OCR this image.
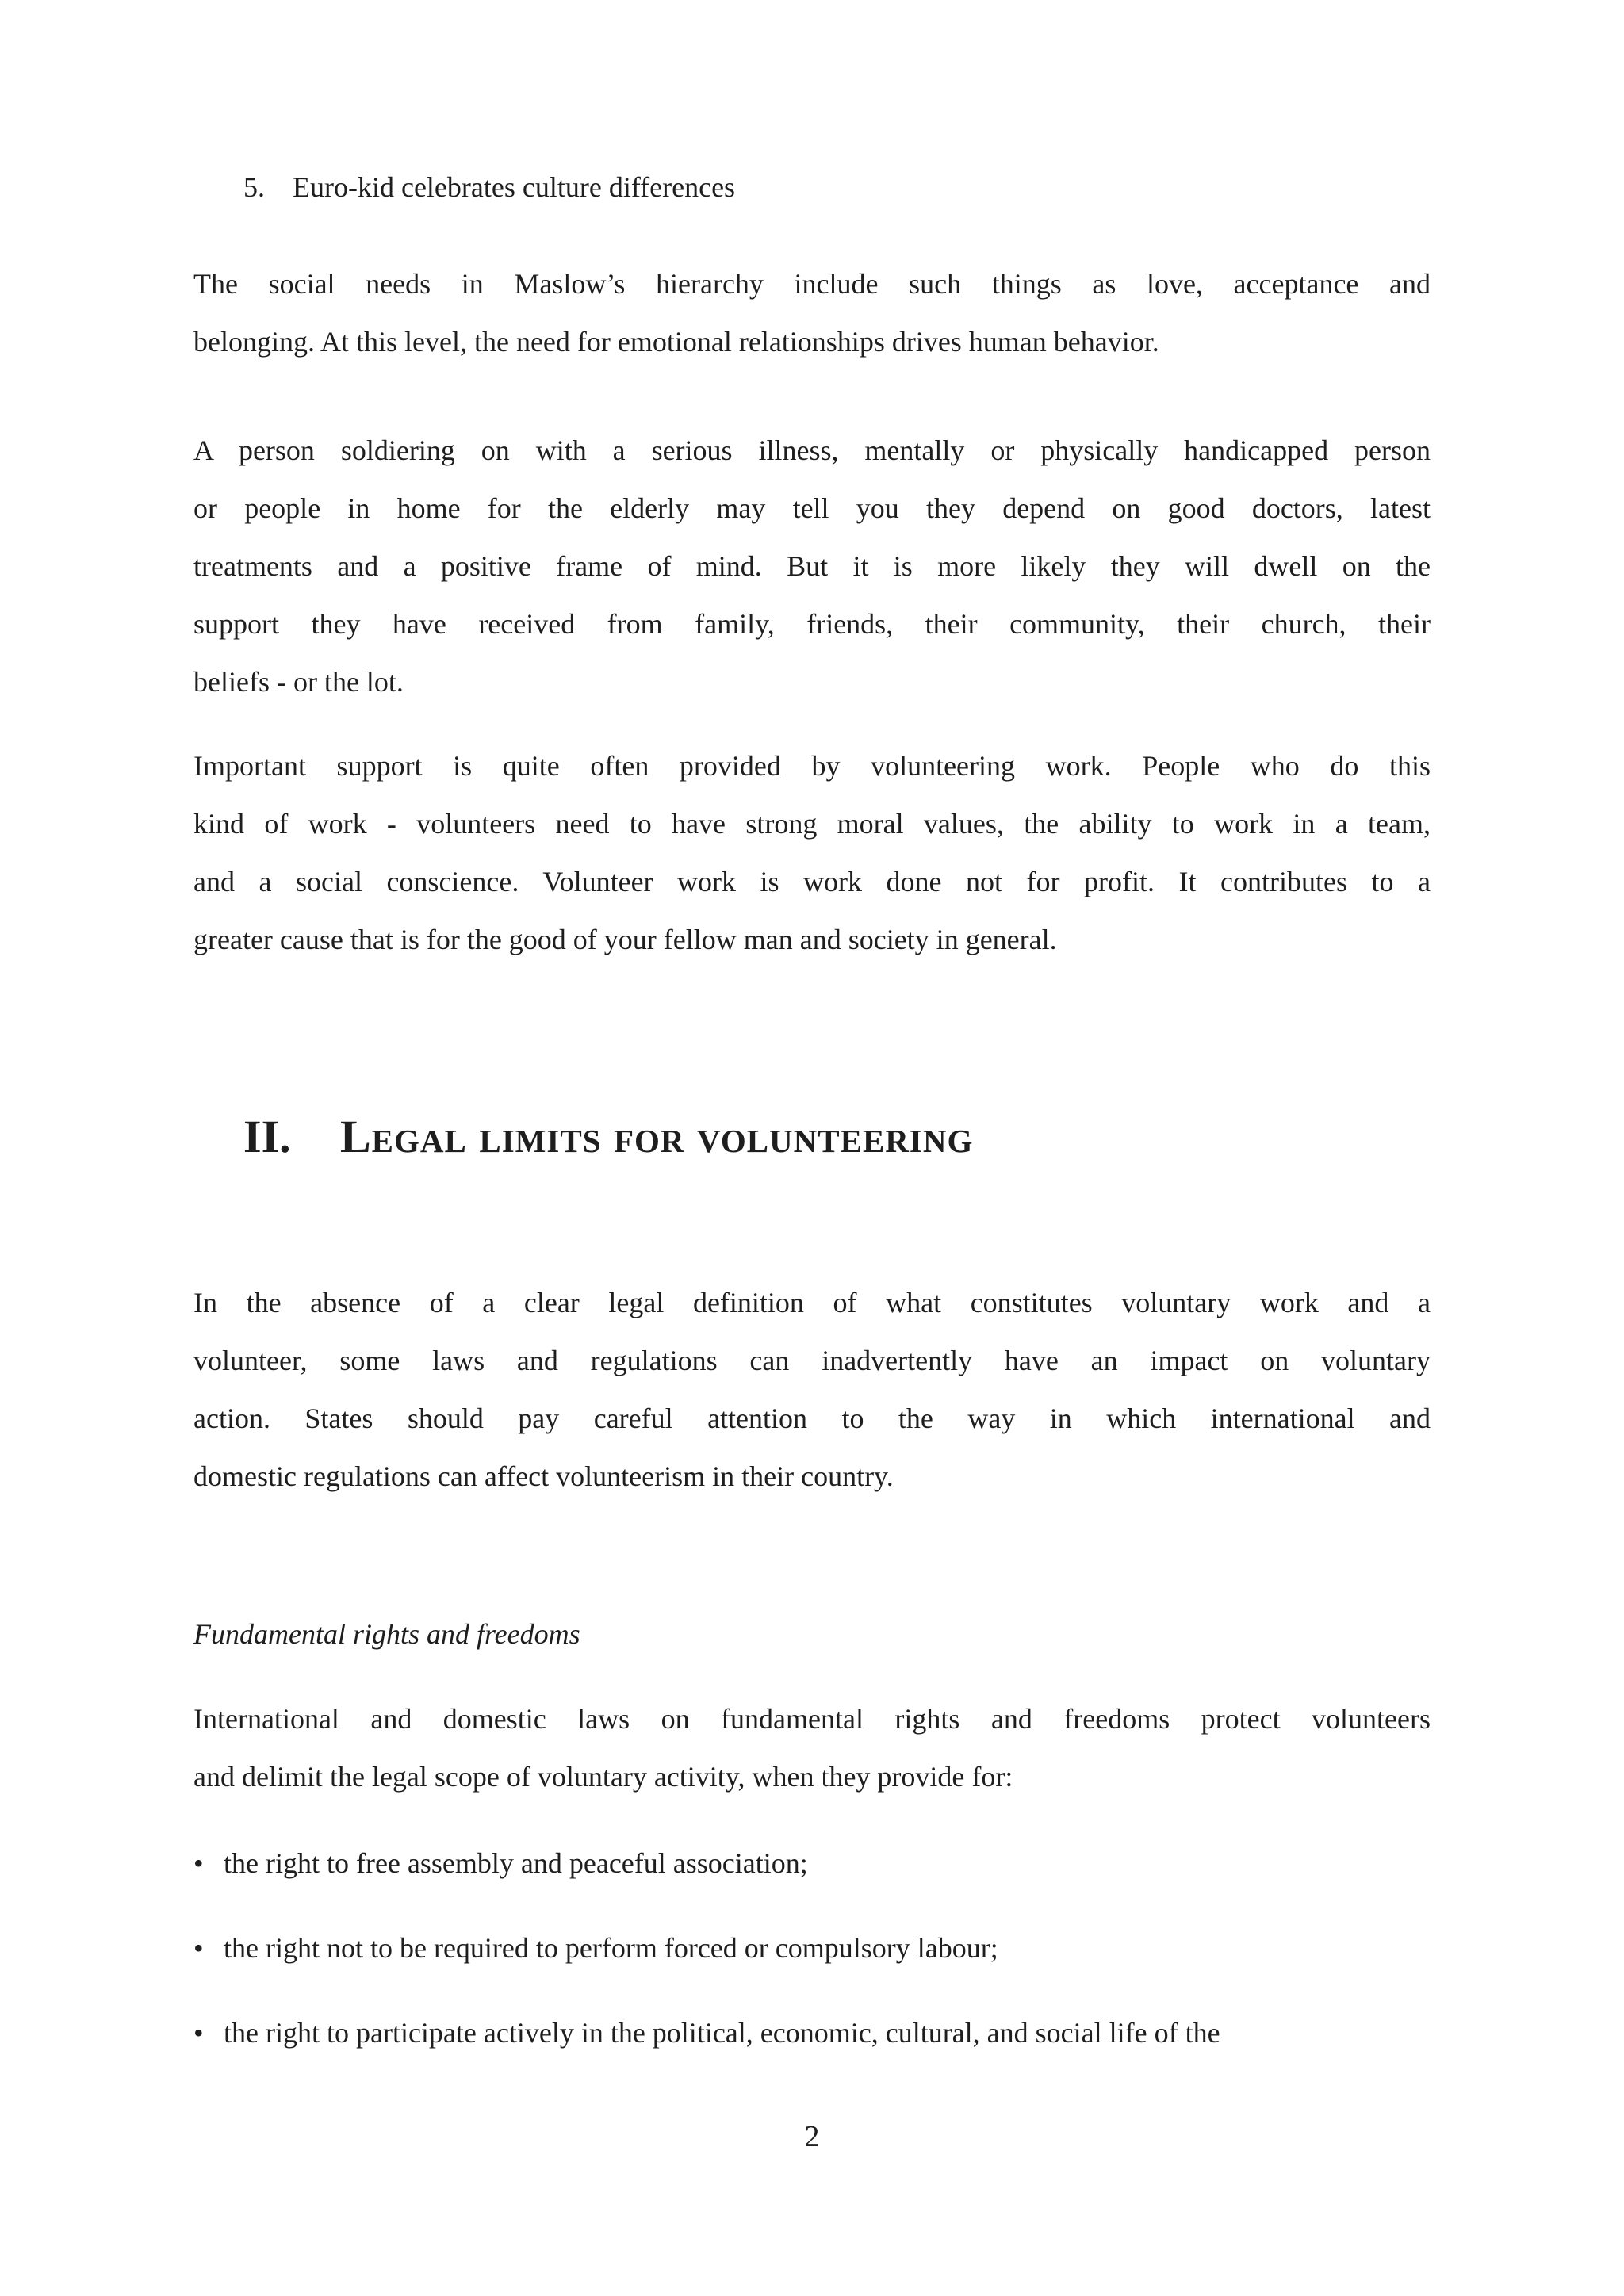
5. Euro-kid celebrates culture differences
The social needs in Maslow’s hierarchy include such things as love, acceptance and
belonging. At this level, the need for emotional relationships drives human behavior.
A person soldiering on with a serious illness, mentally or physically handicapped person
or people in home for the elderly may tell you they depend on good doctors, latest
treatments and a positive frame of mind. But it is more likely they will dwell on the
support they have received from family, friends, their community, their church, their
beliefs - or the lot.
Important support is quite often provided by volunteering work. People who do this
kind of work - volunteers need to have strong moral values, the ability to work in a team,
and a social conscience. Volunteer work is work done not for profit. It contributes to a
greater cause that is for the good of your fellow man and society in general.
II. Legal limits for volunteering
In the absence of a clear legal definition of what constitutes voluntary work and a
volunteer, some laws and regulations can inadvertently have an impact on voluntary
action. States should pay careful attention to the way in which international and
domestic regulations can affect volunteerism in their country.
Fundamental rights and freedoms
International and domestic laws on fundamental rights and freedoms protect volunteers
and delimit the legal scope of voluntary activity, when they provide for:
• the right to free assembly and peaceful association;
• the right not to be required to perform forced or compulsory labour;
• the right to participate actively in the political, economic, cultural, and social life of the
2
